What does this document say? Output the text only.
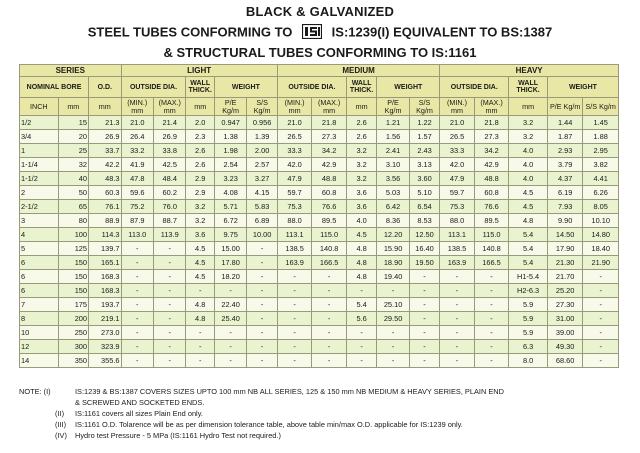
BLACK & GALVANIZED
STEEL TUBES CONFORMING TO	IS:1239(I) EQUIVALENT TO BS:1387
& STRUCTURAL TUBES CONFORMING TO IS:1161
SERIES			LIGHT					MEDIUM					HEAVY				
NOMINAL BORE		O.D.	OUTSIDE DIA.		WALL THICK.	WEIGHT		OUTSIDE DIA.		WALL THICK.	WEIGHT		OUTSIDE DIA.		WALL THICK.	WEIGHT	
INCH	mm	mm	(MIN.) mm	(MAX.) mm	mm	P/E Kg/m	S/S Kg/m	(MIN.) mm	(MAX.) mm	mm	P/E Kg/m	S/S Kg/m	(MIN.) mm	(MAX.) mm	mm	P/E Kg/m	S/S Kg/m
1/2	15	21.3	21.0	21.4	2.0	0.947	0.956	21.0	21.8	2.6	1.21	1.22	21.0	21.8	3.2	1.44	1.45
3/4	20	26.9	26.4	26.9	2.3	1.38	1.39	26.5	27.3	2.6	1.56	1.57	26.5	27.3	3.2	1.87	1.88
1	25	33.7	33.2	33.8	2.6	1.98	2.00	33.3	34.2	3.2	2.41	2.43	33.3	34.2	4.0	2.93	2.95
1-1/4	32	42.2	41.9	42.5	2.6	2.54	2.57	42.0	42.9	3.2	3.10	3.13	42.0	42.9	4.0	3.79	3.82
1-1/2	40	48.3	47.8	48.4	2.9	3.23	3.27	47.9	48.8	3.2	3.56	3.60	47.9	48.8	4.0	4.37	4.41
2	50	60.3	59.6	60.2	2.9	4.08	4.15	59.7	60.8	3.6	5.03	5.10	59.7	60.8	4.5	6.19	6.26
2-1/2	65	76.1	75.2	76.0	3.2	5.71	5.83	75.3	76.6	3.6	6.42	6.54	75.3	76.6	4.5	7.93	8.05
3	80	88.9	87.9	88.7	3.2	6.72	6.89	88.0	89.5	4.0	8.36	8.53	88.0	89.5	4.8	9.90	10.10
4	100	114.3	113.0	113.9	3.6	9.75	10.00	113.1	115.0	4.5	12.20	12.50	113.1	115.0	5.4	14.50	14.80
5	125	139.7	-	-	4.5	15.00	-	138.5	140.8	4.8	15.90	16.40	138.5	140.8	5.4	17.90	18.40
6	150	165.1	-	-	4.5	17.80	-	163.9	166.5	4.8	18.90	19.50	163.9	166.5	5.4	21.30	21.90
6	150	168.3	-	-	4.5	18.20	-	-	-	4.8	19.40	-	-	-	H1-5.4	21.70	-
6	150	168.3	-	-	-	-	-	-	-	-	-	-	-	-	H2-6.3	25.20	-
7	175	193.7	-	-	4.8	22.40	-	-	-	5.4	25.10	-	-	-	5.9	27.30	-
8	200	219.1	-	-	4.8	25.40	-	-	-	5.6	29.50	-	-	-	5.9	31.00	-
10	250	273.0	-	-	-	-	-	-	-	-	-	-	-	-	5.9	39.00	-
12	300	323.9	-	-	-	-	-	-	-	-	-	-	-	-	6.3	49.30	-
14	350	355.6	-	-	-	-	-	-	-	-	-	-	-	-	8.0	68.60	-
NOTE: (I)	IS:1239 & BS:1387 COVERS SIZES UPTO 100 mm NB ALL SERIES, 125 & 150 mm NB MEDIUM & HEAVY SERIES, PLAIN END
& SCREWED AND SOCKETED ENDS.
(II)	IS:1161 covers all sizes Plain End only.
(III)	IS:1161 O.D. Tolarence will be as per dimension tolerance table, above table min/max O.D. applicable for IS:1239 only.
(IV)	Hydro test Pressure - 5 MPa (IS:1161 Hydro Test not required.)
